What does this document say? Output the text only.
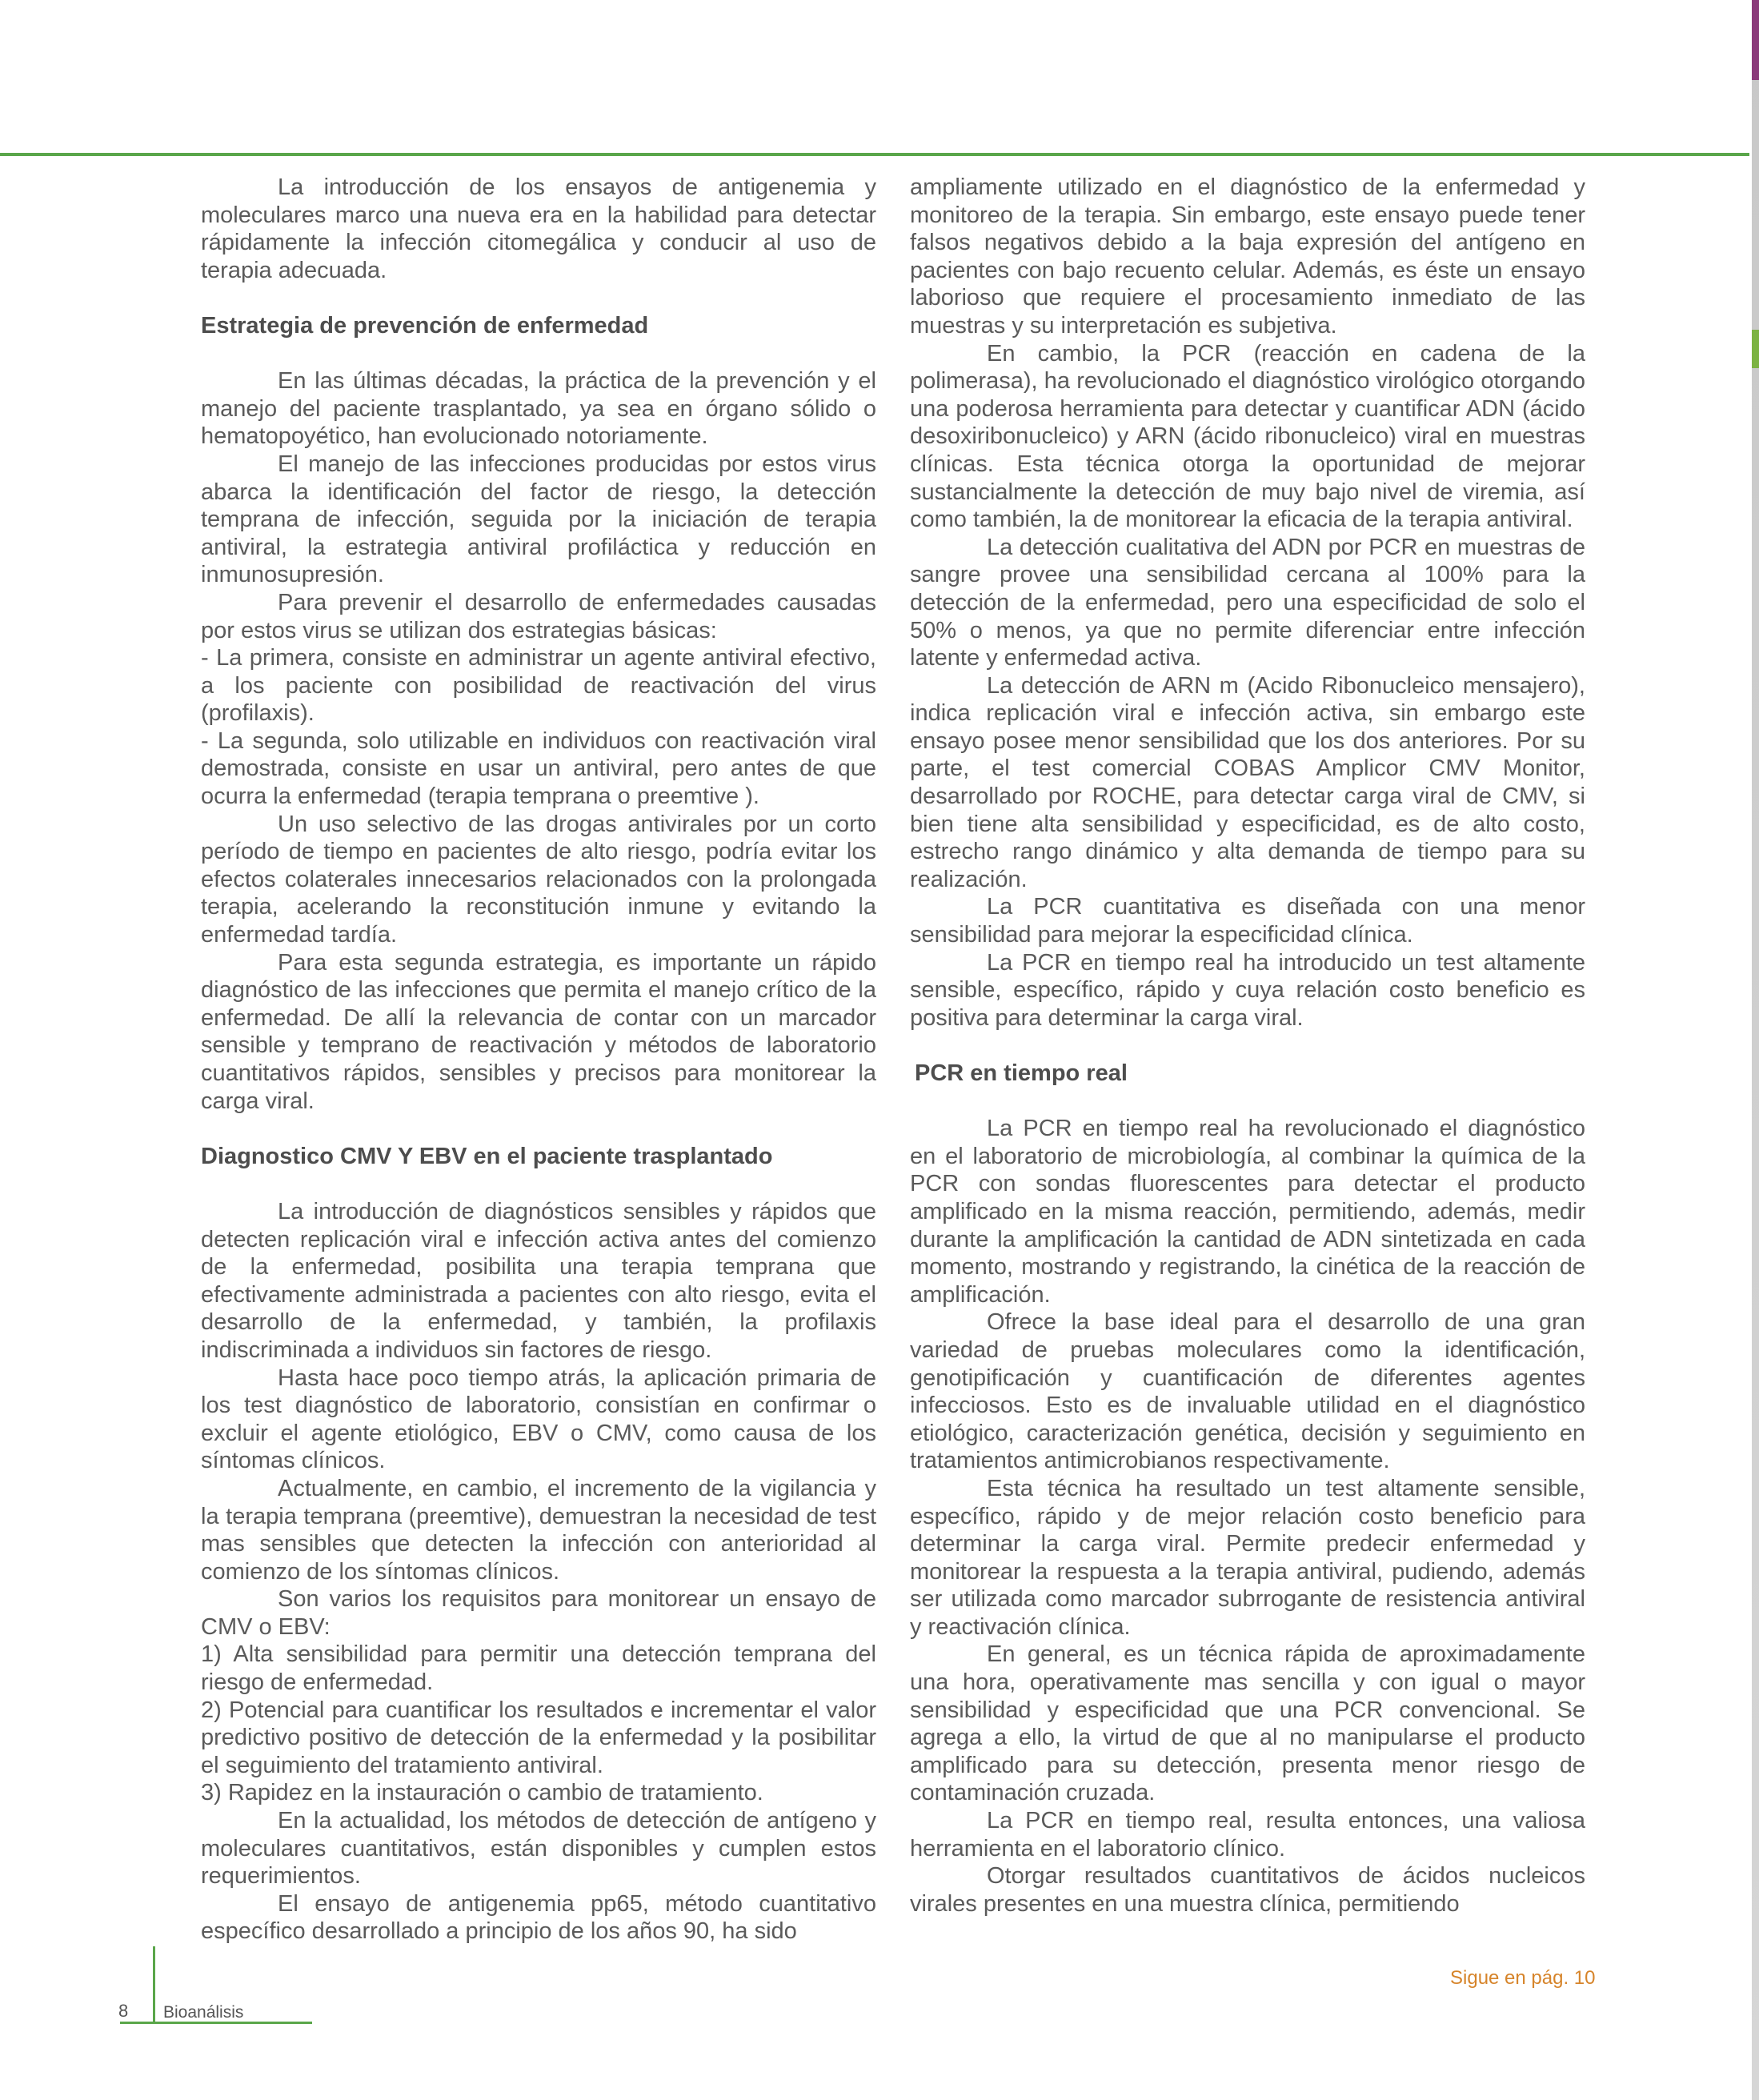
La introducción de los ensayos de antigenemia y moleculares marco una nueva era en la habilidad para detectar rápidamente la infección citomegálica y conducir al uso de terapia adecuada.

Estrategia de prevención de enfermedad

En las últimas décadas, la práctica de la prevención y el manejo del paciente trasplantado, ya sea en órgano sólido o hematopoyético, han evolucionado notoriamente.

El manejo de las infecciones producidas por estos virus abarca la identificación del factor de riesgo, la detección temprana de infección, seguida por la iniciación de terapia antiviral, la estrategia antiviral profiláctica y reducción en inmunosupresión.

Para prevenir el desarrollo de enfermedades causadas por estos virus se utilizan dos estrategias básicas:

- La primera, consiste en administrar un agente antiviral efectivo, a los paciente con posibilidad de reactivación del virus (profilaxis).

- La segunda, solo utilizable en individuos con reactivación viral demostrada, consiste en usar un antiviral, pero antes de que ocurra la enfermedad (terapia temprana o preemtive ).

Un uso selectivo de las drogas antivirales por un corto período de tiempo en pacientes de alto riesgo, podría evitar los efectos colaterales innecesarios relacionados con la prolongada terapia, acelerando la reconstitución inmune y evitando la enfermedad tardía.

Para esta segunda estrategia, es importante un rápido diagnóstico de las infecciones que permita el manejo crítico de la enfermedad. De allí la relevancia de contar con un marcador sensible y temprano de reactivación y métodos de laboratorio cuantitativos rápidos, sensibles y precisos para monitorear la carga viral.

Diagnostico CMV Y EBV en el paciente trasplantado

La introducción de diagnósticos sensibles y rápidos que detecten replicación viral e infección activa antes del comienzo de la enfermedad, posibilita una terapia temprana que efectivamente administrada a pacientes con alto riesgo, evita el desarrollo de la enfermedad, y también, la profilaxis indiscriminada a individuos sin factores de riesgo.

Hasta hace poco tiempo atrás, la aplicación primaria de los test diagnóstico de laboratorio, consistían en confirmar o excluir el agente etiológico, EBV o CMV, como causa de los síntomas clínicos.

Actualmente, en cambio, el incremento de la vigilancia y la terapia temprana (preemtive), demuestran la necesidad de test mas sensibles que detecten la infección con anterioridad al comienzo de los síntomas clínicos.

Son varios los requisitos para monitorear un ensayo de CMV o EBV:

1) Alta sensibilidad para permitir una detección temprana del riesgo de enfermedad.

2) Potencial para cuantificar los resultados e incrementar el valor predictivo positivo de detección de la enfermedad y la posibilitar el seguimiento del tratamiento antiviral.

3) Rapidez en la instauración o cambio de tratamiento.

En la actualidad, los métodos de detección de antígeno y moleculares cuantitativos, están disponibles y cumplen estos requerimientos.

El ensayo de antigenemia pp65, método cuantitativo específico desarrollado a principio de los años 90, ha sido

ampliamente utilizado en el diagnóstico de la enfermedad y monitoreo de la terapia. Sin embargo, este ensayo puede tener falsos negativos debido a la baja expresión del antígeno en pacientes con bajo recuento celular. Además, es éste un ensayo laborioso que requiere el procesamiento inmediato de las muestras y su interpretación es subjetiva.

En cambio, la PCR (reacción en cadena de la polimerasa), ha revolucionado el diagnóstico virológico otorgando una poderosa herramienta para detectar y cuantificar ADN (ácido desoxiribonucleico) y ARN (ácido ribonucleico) viral en muestras clínicas. Esta técnica otorga la oportunidad de mejorar sustancialmente la detección de muy bajo nivel de viremia, así como también, la de monitorear la eficacia de la terapia antiviral.

La detección cualitativa del ADN por PCR en muestras de sangre provee una sensibilidad cercana al 100% para la detección de la enfermedad, pero una especificidad de solo el 50% o menos, ya que no permite diferenciar entre infección latente y enfermedad activa.

La detección de ARN m (Acido Ribonucleico mensajero), indica replicación viral e infección activa, sin embargo este ensayo posee menor sensibilidad que los dos anteriores. Por su parte, el test comercial COBAS Amplicor CMV Monitor, desarrollado por ROCHE, para detectar carga viral de CMV, si bien tiene alta sensibilidad y especificidad, es de alto costo, estrecho rango dinámico y alta demanda de tiempo para su realización.

La PCR cuantitativa es diseñada con una menor sensibilidad para mejorar la especificidad clínica.

La PCR en tiempo real ha introducido un test altamente sensible, específico, rápido y cuya relación costo beneficio es positiva para determinar la carga viral.

PCR en tiempo real

La PCR en tiempo real ha revolucionado el diagnóstico en el laboratorio de microbiología, al combinar la química de la PCR con sondas fluorescentes para detectar el producto amplificado en la misma reacción, permitiendo, además, medir durante la amplificación la cantidad de ADN sintetizada en cada momento, mostrando y registrando, la cinética de la reacción de amplificación.

Ofrece la base ideal para el desarrollo de una gran variedad de pruebas moleculares como la identificación, genotipificación y cuantificación de diferentes agentes infecciosos. Esto es de invaluable utilidad en el diagnóstico etiológico, caracterización genética, decisión y seguimiento en tratamientos antimicrobianos respectivamente.

Esta técnica ha resultado un test altamente sensible, específico, rápido y de mejor relación costo beneficio para determinar la carga viral. Permite predecir enfermedad y monitorear la respuesta a la terapia antiviral, pudiendo, además ser utilizada como marcador subrrogante de resistencia antiviral y reactivación clínica.

En general, es un técnica rápida de aproximadamente una hora, operativamente mas sencilla y con igual o mayor sensibilidad y especificidad que una PCR convencional. Se agrega a ello, la virtud de que al no manipularse el producto amplificado para su detección, presenta menor riesgo de contaminación cruzada.

La PCR en tiempo real, resulta entonces, una valiosa herramienta en el laboratorio clínico.

Otorgar resultados cuantitativos de ácidos nucleicos virales presentes en una muestra clínica, permitiendo

Sigue en pág. 10
8 Bioanálisis
